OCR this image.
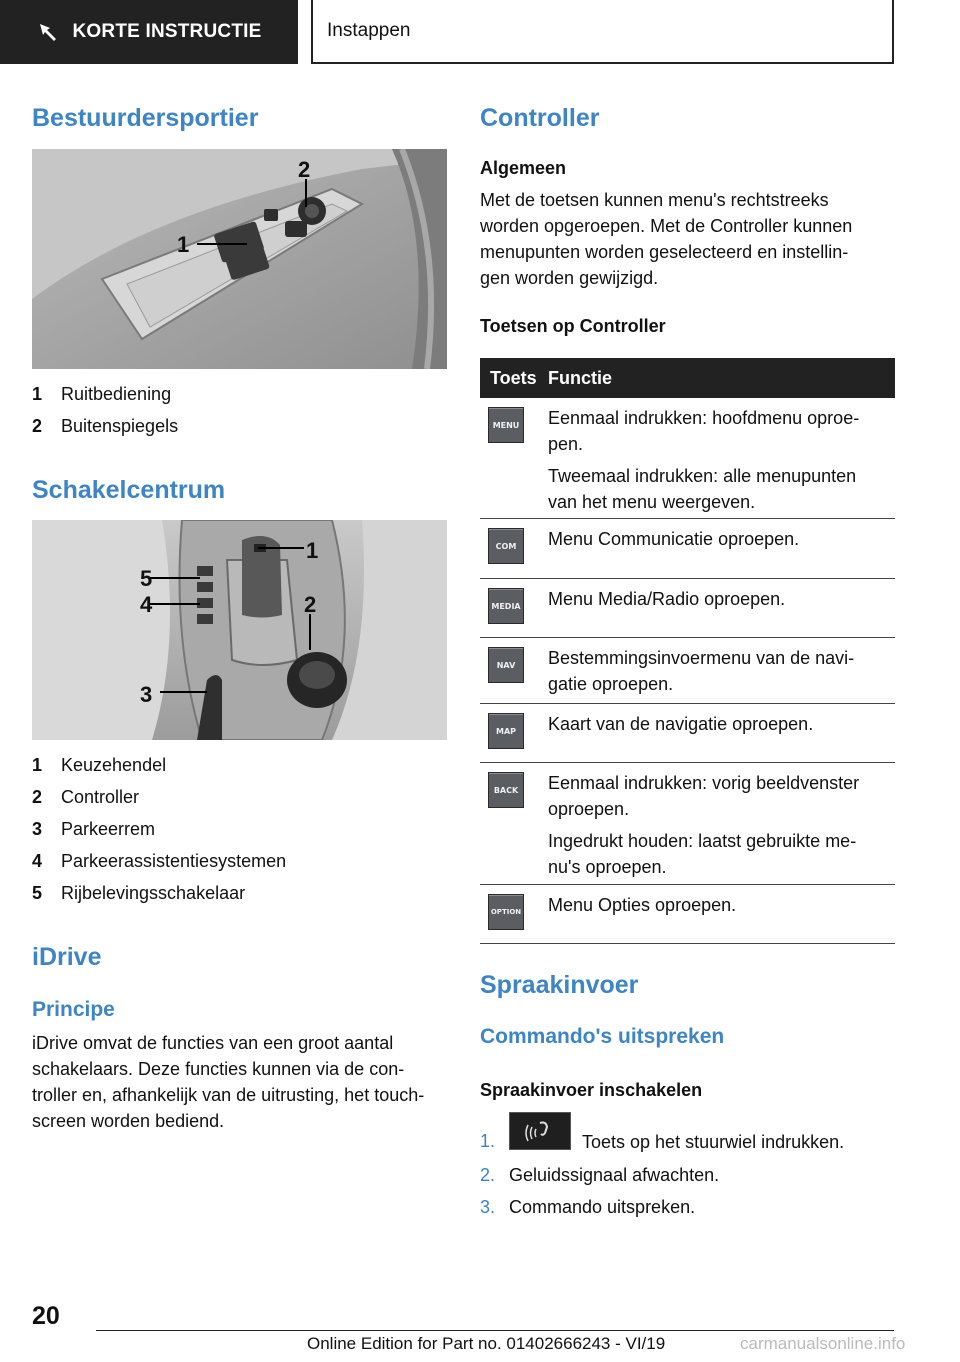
KORTE INSTRUCTIE	Instappen
Bestuurdersportier
1
2
1 Ruitbediening
2 Buitenspiegels
Schakelcentrum
1
2
3
4
5
1 Keuzehendel
2 Controller
3 Parkeerrem
4 Parkeerassistentiesystemen
5 Rijbelevingsschakelaar
iDrive
Principe
iDrive omvat de functies van een groot aantal
schakelaars. Deze functies kunnen via de con-
troller en, afhankelijk van de uitrusting, het touch-
screen worden bediend.
Controller
Algemeen
Met de toetsen kunnen menu's rechtstreeks
worden opgeroepen. Met de Controller kunnen
menupunten worden geselecteerd en instellin-
gen worden gewijzigd.
Toetsen op Controller
Toets Functie
MENU Eenmaal indrukken: hoofdmenu oproe-
pen.
Tweemaal indrukken: alle menupunten
van het menu weergeven.
COM	Menu Communicatie oproepen.
MEDIA Menu Media/Radio oproepen.
NAV	Bestemmingsinvoermenu van de navi-
gatie oproepen.
MAP	Kaart van de navigatie oproepen.
BACK	Eenmaal indrukken: vorig beeldvenster
oproepen.
Ingedrukt houden: laatst gebruikte me-
nu's oproepen.
OPTION Menu Opties oproepen.
Spraakinvoer
Commando's uitspreken
Spraakinvoer inschakelen
1.	Toets op het stuurwiel indrukken.
2. Geluidssignaal afwachten.
3. Commando uitspreken.
20
Online Edition for Part no. 01402666243 - VI/19	carmanualsonline.info
